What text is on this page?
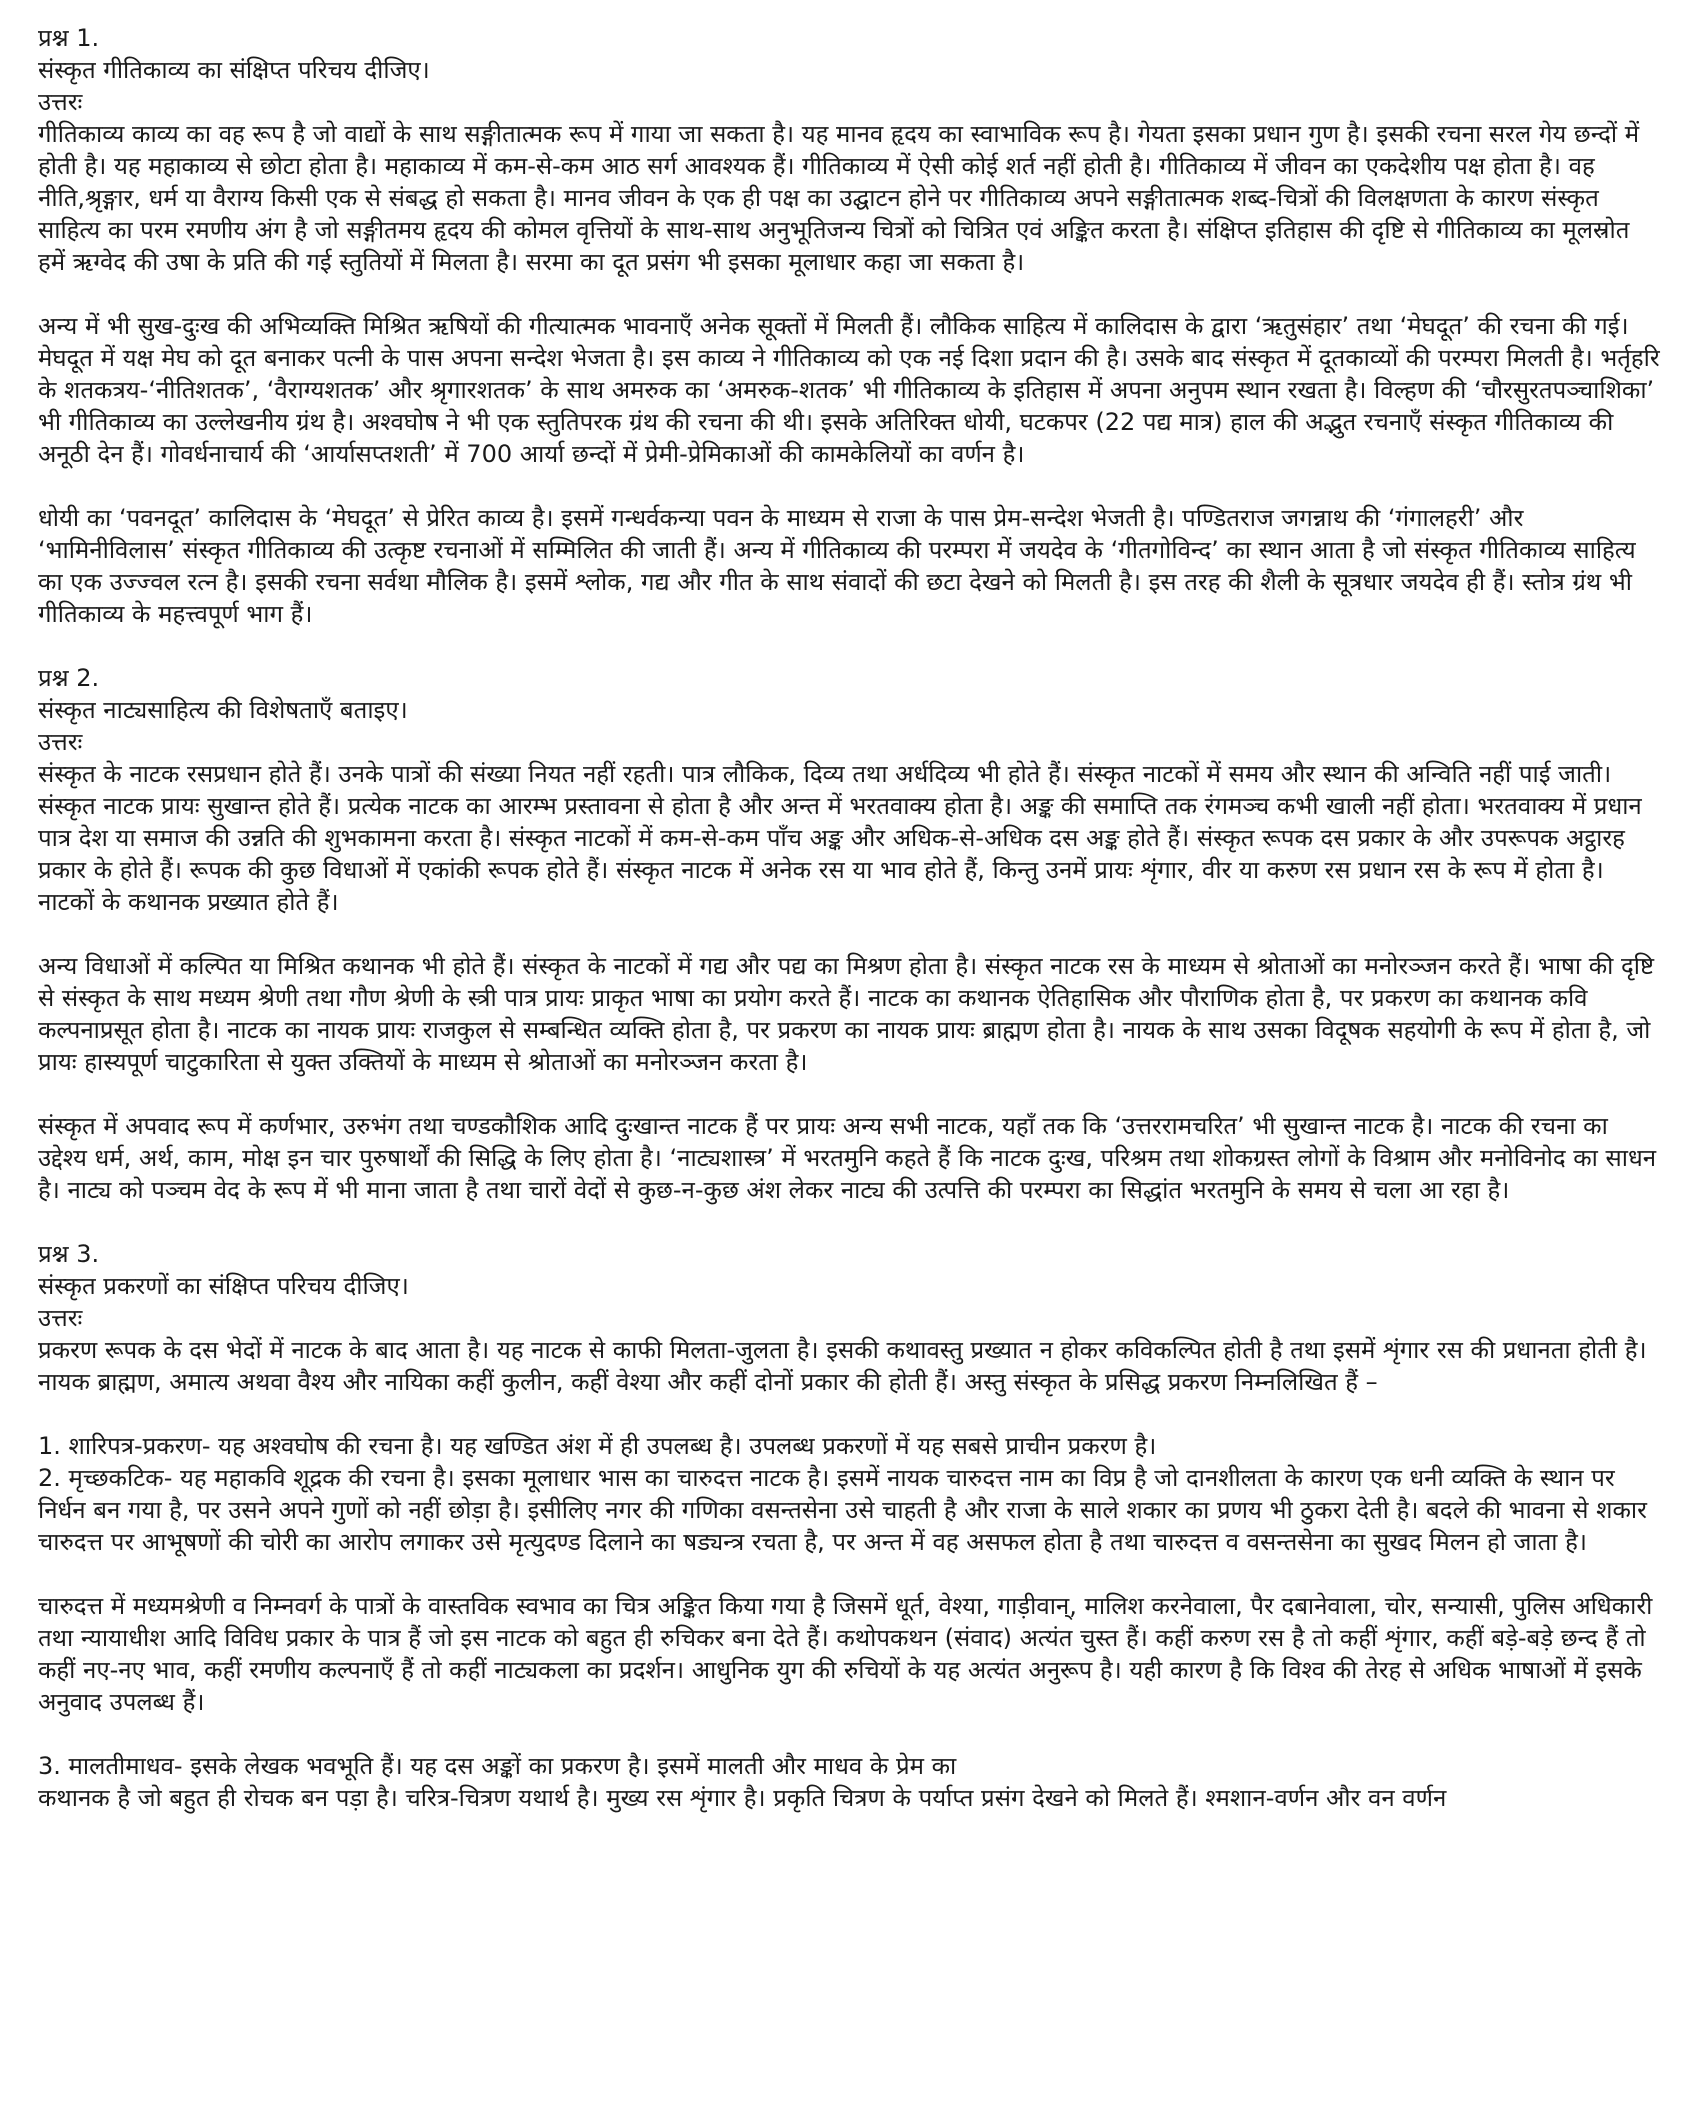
प्रश्न 1.
संस्कृत गीतिकाव्य का संक्षिप्त परिचय दीजिए।
उत्तरः

गीतिकाव्य काव्य का वह रूप है जो वाद्यों के साथ सङ्गीतात्मक रूप में गाया जा सकता है। यह मानव हृदय का स्वाभाविक रूप है। गेयता इसका प्रधान गुण है। इसकी रचना सरल गेय छन्दों में होती है। यह महाकाव्य से छोटा होता है। महाकाव्य में कम-से-कम आठ सर्ग आवश्यक हैं। गीतिकाव्य में ऐसी कोई शर्त नहीं होती है। गीतिकाव्य में जीवन का एकदेशीय पक्ष होता है। वह नीति,श्रृङ्गार, धर्म या वैराग्य किसी एक से संबद्ध हो सकता है। मानव जीवन के एक ही पक्ष का उद्घाटन होने पर गीतिकाव्य अपने सङ्गीतात्मक शब्द-चित्रों की विलक्षणता के कारण संस्कृत साहित्य का परम रमणीय अंग है जो सङ्गीतमय हृदय की कोमल वृत्तियों के साथ-साथ अनुभूतिजन्य चित्रों को चित्रित एवं अङ्कित करता है। संक्षिप्त इतिहास की दृष्टि से गीतिकाव्य का मूलस्रोत हमें ऋग्वेद की उषा के प्रति की गई स्तुतियों में मिलता है। सरमा का दूत प्रसंग भी इसका मूलाधार कहा जा सकता है।

अन्य में भी सुख-दुःख की अभिव्यक्ति मिश्रित ऋषियों की गीत्यात्मक भावनाएँ अनेक सूक्तों में मिलती हैं। लौकिक साहित्य में कालिदास के द्वारा ‘ऋतुसंहार’ तथा ‘मेघदूत’ की रचना की गई। मेघदूत में यक्ष मेघ को दूत बनाकर पत्नी के पास अपना सन्देश भेजता है। इस काव्य ने गीतिकाव्य को एक नई दिशा प्रदान की है। उसके बाद संस्कृत में दूतकाव्यों की परम्परा मिलती है। भर्तृहरि के शतकत्रय-‘नीतिशतक’, ‘वैराग्यशतक’ और श्रृगारशतक’ के साथ अमरुक का ‘अमरुक-शतक’ भी गीतिकाव्य के इतिहास में अपना अनुपम स्थान रखता है। विल्हण की ‘चौरसुरतपञ्चाशिका’ भी गीतिकाव्य का उल्लेखनीय ग्रंथ है। अश्वघोष ने भी एक स्तुतिपरक ग्रंथ की रचना की थी। इसके अतिरिक्त धोयी, घटकपर (22 पद्य मात्र) हाल की अद्भुत रचनाएँ संस्कृत गीतिकाव्य की अनूठी देन हैं। गोवर्धनाचार्य की ‘आर्यासप्तशती’ में 700 आर्या छन्दों में प्रेमी-प्रेमिकाओं की कामकेलियों का वर्णन है।

धोयी का ‘पवनदूत’ कालिदास के ‘मेघदूत’ से प्रेरित काव्य है। इसमें गन्धर्वकन्या पवन के माध्यम से राजा के पास प्रेम-सन्देश भेजती है। पण्डितराज जगन्नाथ की ‘गंगालहरी’ और ‘भामिनीविलास’ संस्कृत गीतिकाव्य की उत्कृष्ट रचनाओं में सम्मिलित की जाती हैं। अन्य में गीतिकाव्य की परम्परा में जयदेव के ‘गीतगोविन्द’ का स्थान आता है जो संस्कृत गीतिकाव्य साहित्य का एक उज्ज्वल रत्न है। इसकी रचना सर्वथा मौलिक है। इसमें श्लोक, गद्य और गीत के साथ संवादों की छटा देखने को मिलती है। इस तरह की शैली के सूत्रधार जयदेव ही हैं। स्तोत्र ग्रंथ भी गीतिकाव्य के महत्त्वपूर्ण भाग हैं।

प्रश्न 2.
संस्कृत नाट्यसाहित्य की विशेषताएँ बताइए।
उत्तरः

संस्कृत के नाटक रसप्रधान होते हैं। उनके पात्रों की संख्या नियत नहीं रहती। पात्र लौकिक, दिव्य तथा अर्धदिव्य भी होते हैं। संस्कृत नाटकों में समय और स्थान की अन्विति नहीं पाई जाती। संस्कृत नाटक प्रायः सुखान्त होते हैं। प्रत्येक नाटक का आरम्भ प्रस्तावना से होता है और अन्त में भरतवाक्य होता है। अङ्क की समाप्ति तक रंगमञ्च कभी खाली नहीं होता। भरतवाक्य में प्रधान पात्र देश या समाज की उन्नति की शुभकामना करता है। संस्कृत नाटकों में कम-से-कम पाँच अङ्क और अधिक-से-अधिक दस अङ्क होते हैं। संस्कृत रूपक दस प्रकार के और उपरूपक अट्ठारह प्रकार के होते हैं। रूपक की कुछ विधाओं में एकांकी रूपक होते हैं। संस्कृत नाटक में अनेक रस या भाव होते हैं, किन्तु उनमें प्रायः शृंगार, वीर या करुण रस प्रधान रस के रूप में होता है। नाटकों के कथानक प्रख्यात होते हैं।

अन्य विधाओं में कल्पित या मिश्रित कथानक भी होते हैं। संस्कृत के नाटकों में गद्य और पद्य का मिश्रण होता है। संस्कृत नाटक रस के माध्यम से श्रोताओं का मनोरञ्जन करते हैं। भाषा की दृष्टि से संस्कृत के साथ मध्यम श्रेणी तथा गौण श्रेणी के स्त्री पात्र प्रायः प्राकृत भाषा का प्रयोग करते हैं। नाटक का कथानक ऐतिहासिक और पौराणिक होता है, पर प्रकरण का कथानक कवि कल्पनाप्रसूत होता है। नाटक का नायक प्रायः राजकुल से सम्बन्धित व्यक्ति होता है, पर प्रकरण का नायक प्रायः ब्राह्मण होता है। नायक के साथ उसका विदूषक सहयोगी के रूप में होता है, जो प्रायः हास्यपूर्ण चाटुकारिता से युक्त उक्तियों के माध्यम से श्रोताओं का मनोरञ्जन करता है।

संस्कृत में अपवाद रूप में कर्णभार, उरुभंग तथा चण्डकौशिक आदि दुःखान्त नाटक हैं पर प्रायः अन्य सभी नाटक, यहाँ तक कि ‘उत्तररामचरित’ भी सुखान्त नाटक है। नाटक की रचना का उद्देश्य धर्म, अर्थ, काम, मोक्ष इन चार पुरुषार्थों की सिद्धि के लिए होता है। ‘नाट्यशास्त्र’ में भरतमुनि कहते हैं कि नाटक दुःख, परिश्रम तथा शोकग्रस्त लोगों के विश्राम और मनोविनोद का साधन है। नाट्य को पञ्चम वेद के रूप में भी माना जाता है तथा चारों वेदों से कुछ-न-कुछ अंश लेकर नाट्य की उत्पत्ति की परम्परा का सिद्धांत भरतमुनि के समय से चला आ रहा है।

प्रश्न 3.
संस्कृत प्रकरणों का संक्षिप्त परिचय दीजिए।
उत्तरः

प्रकरण रूपक के दस भेदों में नाटक के बाद आता है। यह नाटक से काफी मिलता-जुलता है। इसकी कथावस्तु प्रख्यात न होकर कविकल्पित होती है तथा इसमें शृंगार रस की प्रधानता होती है। नायक ब्राह्मण, अमात्य अथवा वैश्य और नायिका कहीं कुलीन, कहीं वेश्या और कहीं दोनों प्रकार की होती हैं। अस्तु संस्कृत के प्रसिद्ध प्रकरण निम्नलिखित हैं –

1. शारिपत्र-प्रकरण- यह अश्वघोष की रचना है। यह खण्डित अंश में ही उपलब्ध है। उपलब्ध प्रकरणों में यह सबसे प्राचीन प्रकरण है।

2. मृच्छकटिक- यह महाकवि शूद्रक की रचना है। इसका मूलाधार भास का चारुदत्त नाटक है। इसमें नायक चारुदत्त नाम का विप्र है जो दानशीलता के कारण एक धनी व्यक्ति के स्थान पर निर्धन बन गया है, पर उसने अपने गुणों को नहीं छोड़ा है। इसीलिए नगर की गणिका वसन्तसेना उसे चाहती है और राजा के साले शकार का प्रणय भी ठुकरा देती है। बदले की भावना से शकार चारुदत्त पर आभूषणों की चोरी का आरोप लगाकर उसे मृत्युदण्ड दिलाने का षड्यन्त्र रचता है, पर अन्त में वह असफल होता है तथा चारुदत्त व वसन्तसेना का सुखद मिलन हो जाता है।

चारुदत्त में मध्यमश्रेणी व निम्नवर्ग के पात्रों के वास्तविक स्वभाव का चित्र अङ्कित किया गया है जिसमें धूर्त, वेश्या, गाड़ीवान्, मालिश करनेवाला, पैर दबानेवाला, चोर, सन्यासी, पुलिस अधिकारी तथा न्यायाधीश आदि विविध प्रकार के पात्र हैं जो इस नाटक को बहुत ही रुचिकर बना देते हैं। कथोपकथन (संवाद) अत्यंत चुस्त हैं। कहीं करुण रस है तो कहीं शृंगार, कहीं बड़े-बड़े छन्द हैं तो कहीं नए-नए भाव, कहीं रमणीय कल्पनाएँ हैं तो कहीं नाट्यकला का प्रदर्शन। आधुनिक युग की रुचियों के यह अत्यंत अनुरूप है। यही कारण है कि विश्व की तेरह से अधिक भाषाओं में इसके अनुवाद उपलब्ध हैं।

3. मालतीमाधव- इसके लेखक भवभूति हैं। यह दस अङ्कों का प्रकरण है। इसमें मालती और माधव के प्रेम का

कथानक है जो बहुत ही रोचक बन पड़ा है। चरित्र-चित्रण यथार्थ है। मुख्य रस शृंगार है। प्रकृति चित्रण के पर्याप्त प्रसंग देखने को मिलते हैं। श्मशान-वर्णन और वन वर्णन
